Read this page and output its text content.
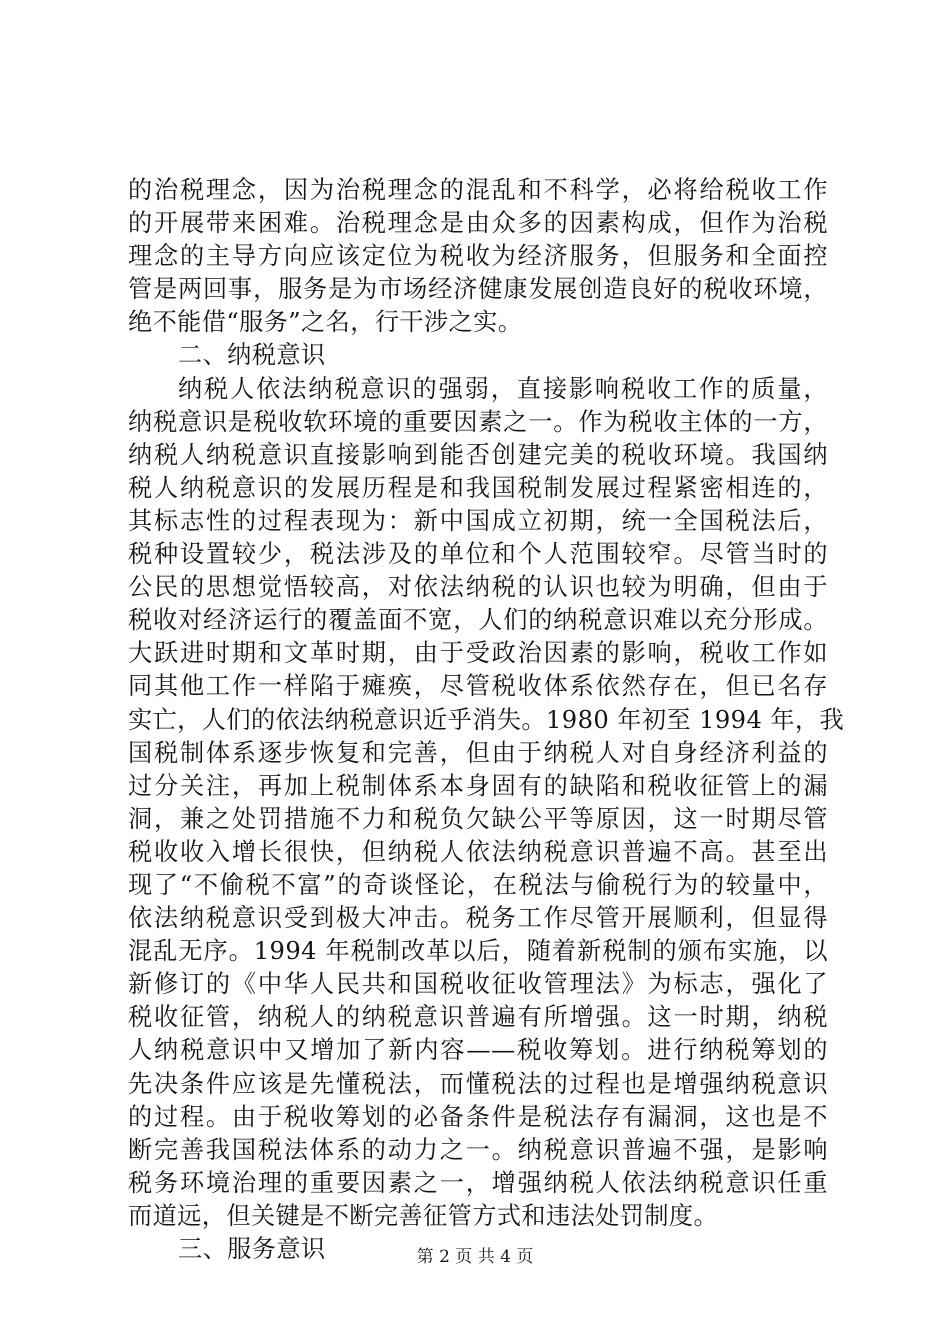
的治税理念，因为治税理念的混乱和不科学，必将给税收工作
的开展带来困难。治税理念是由众多的因素构成，但作为治税
理念的主导方向应该定位为税收为经济服务，但服务和全面控
管是两回事，服务是为市场经济健康发展创造良好的税收环境，
绝不能借“服务”之名，行干涉之实。
二、纳税意识
纳税人依法纳税意识的强弱，直接影响税收工作的质量，
纳税意识是税收软环境的重要因素之一。作为税收主体的一方，
纳税人纳税意识直接影响到能否创建完美的税收环境。我国纳
税人纳税意识的发展历程是和我国税制发展过程紧密相连的，
其标志性的过程表现为：新中国成立初期，统一全国税法后，
税种设置较少，税法涉及的单位和个人范围较窄。尽管当时的
公民的思想觉悟较高，对依法纳税的认识也较为明确，但由于
税收对经济运行的覆盖面不宽，人们的纳税意识难以充分形成。
大跃进时期和文革时期，由于受政治因素的影响，税收工作如
同其他工作一样陷于瘫痪，尽管税收体系依然存在，但已名存
实亡，人们的依法纳税意识近乎消失。1980 年初至 1994 年，我
国税制体系逐步恢复和完善，但由于纳税人对自身经济利益的
过分关注，再加上税制体系本身固有的缺陷和税收征管上的漏
洞，兼之处罚措施不力和税负欠缺公平等原因，这一时期尽管
税收收入增长很快，但纳税人依法纳税意识普遍不高。甚至出
现了“不偷税不富”的奇谈怪论，在税法与偷税行为的较量中，
依法纳税意识受到极大冲击。税务工作尽管开展顺利，但显得
混乱无序。1994 年税制改革以后，随着新税制的颁布实施，以
新修订的《中华人民共和国税收征收管理法》为标志，强化了
税收征管，纳税人的纳税意识普遍有所增强。这一时期，纳税
人纳税意识中又增加了新内容——税收筹划。进行纳税筹划的
先决条件应该是先懂税法，而懂税法的过程也是增强纳税意识
的过程。由于税收筹划的必备条件是税法存有漏洞，这也是不
断完善我国税法体系的动力之一。纳税意识普遍不强，是影响
税务环境治理的重要因素之一，增强纳税人依法纳税意识任重
而道远，但关键是不断完善征管方式和违法处罚制度。
三、服务意识	第 2 页 共 4 页
